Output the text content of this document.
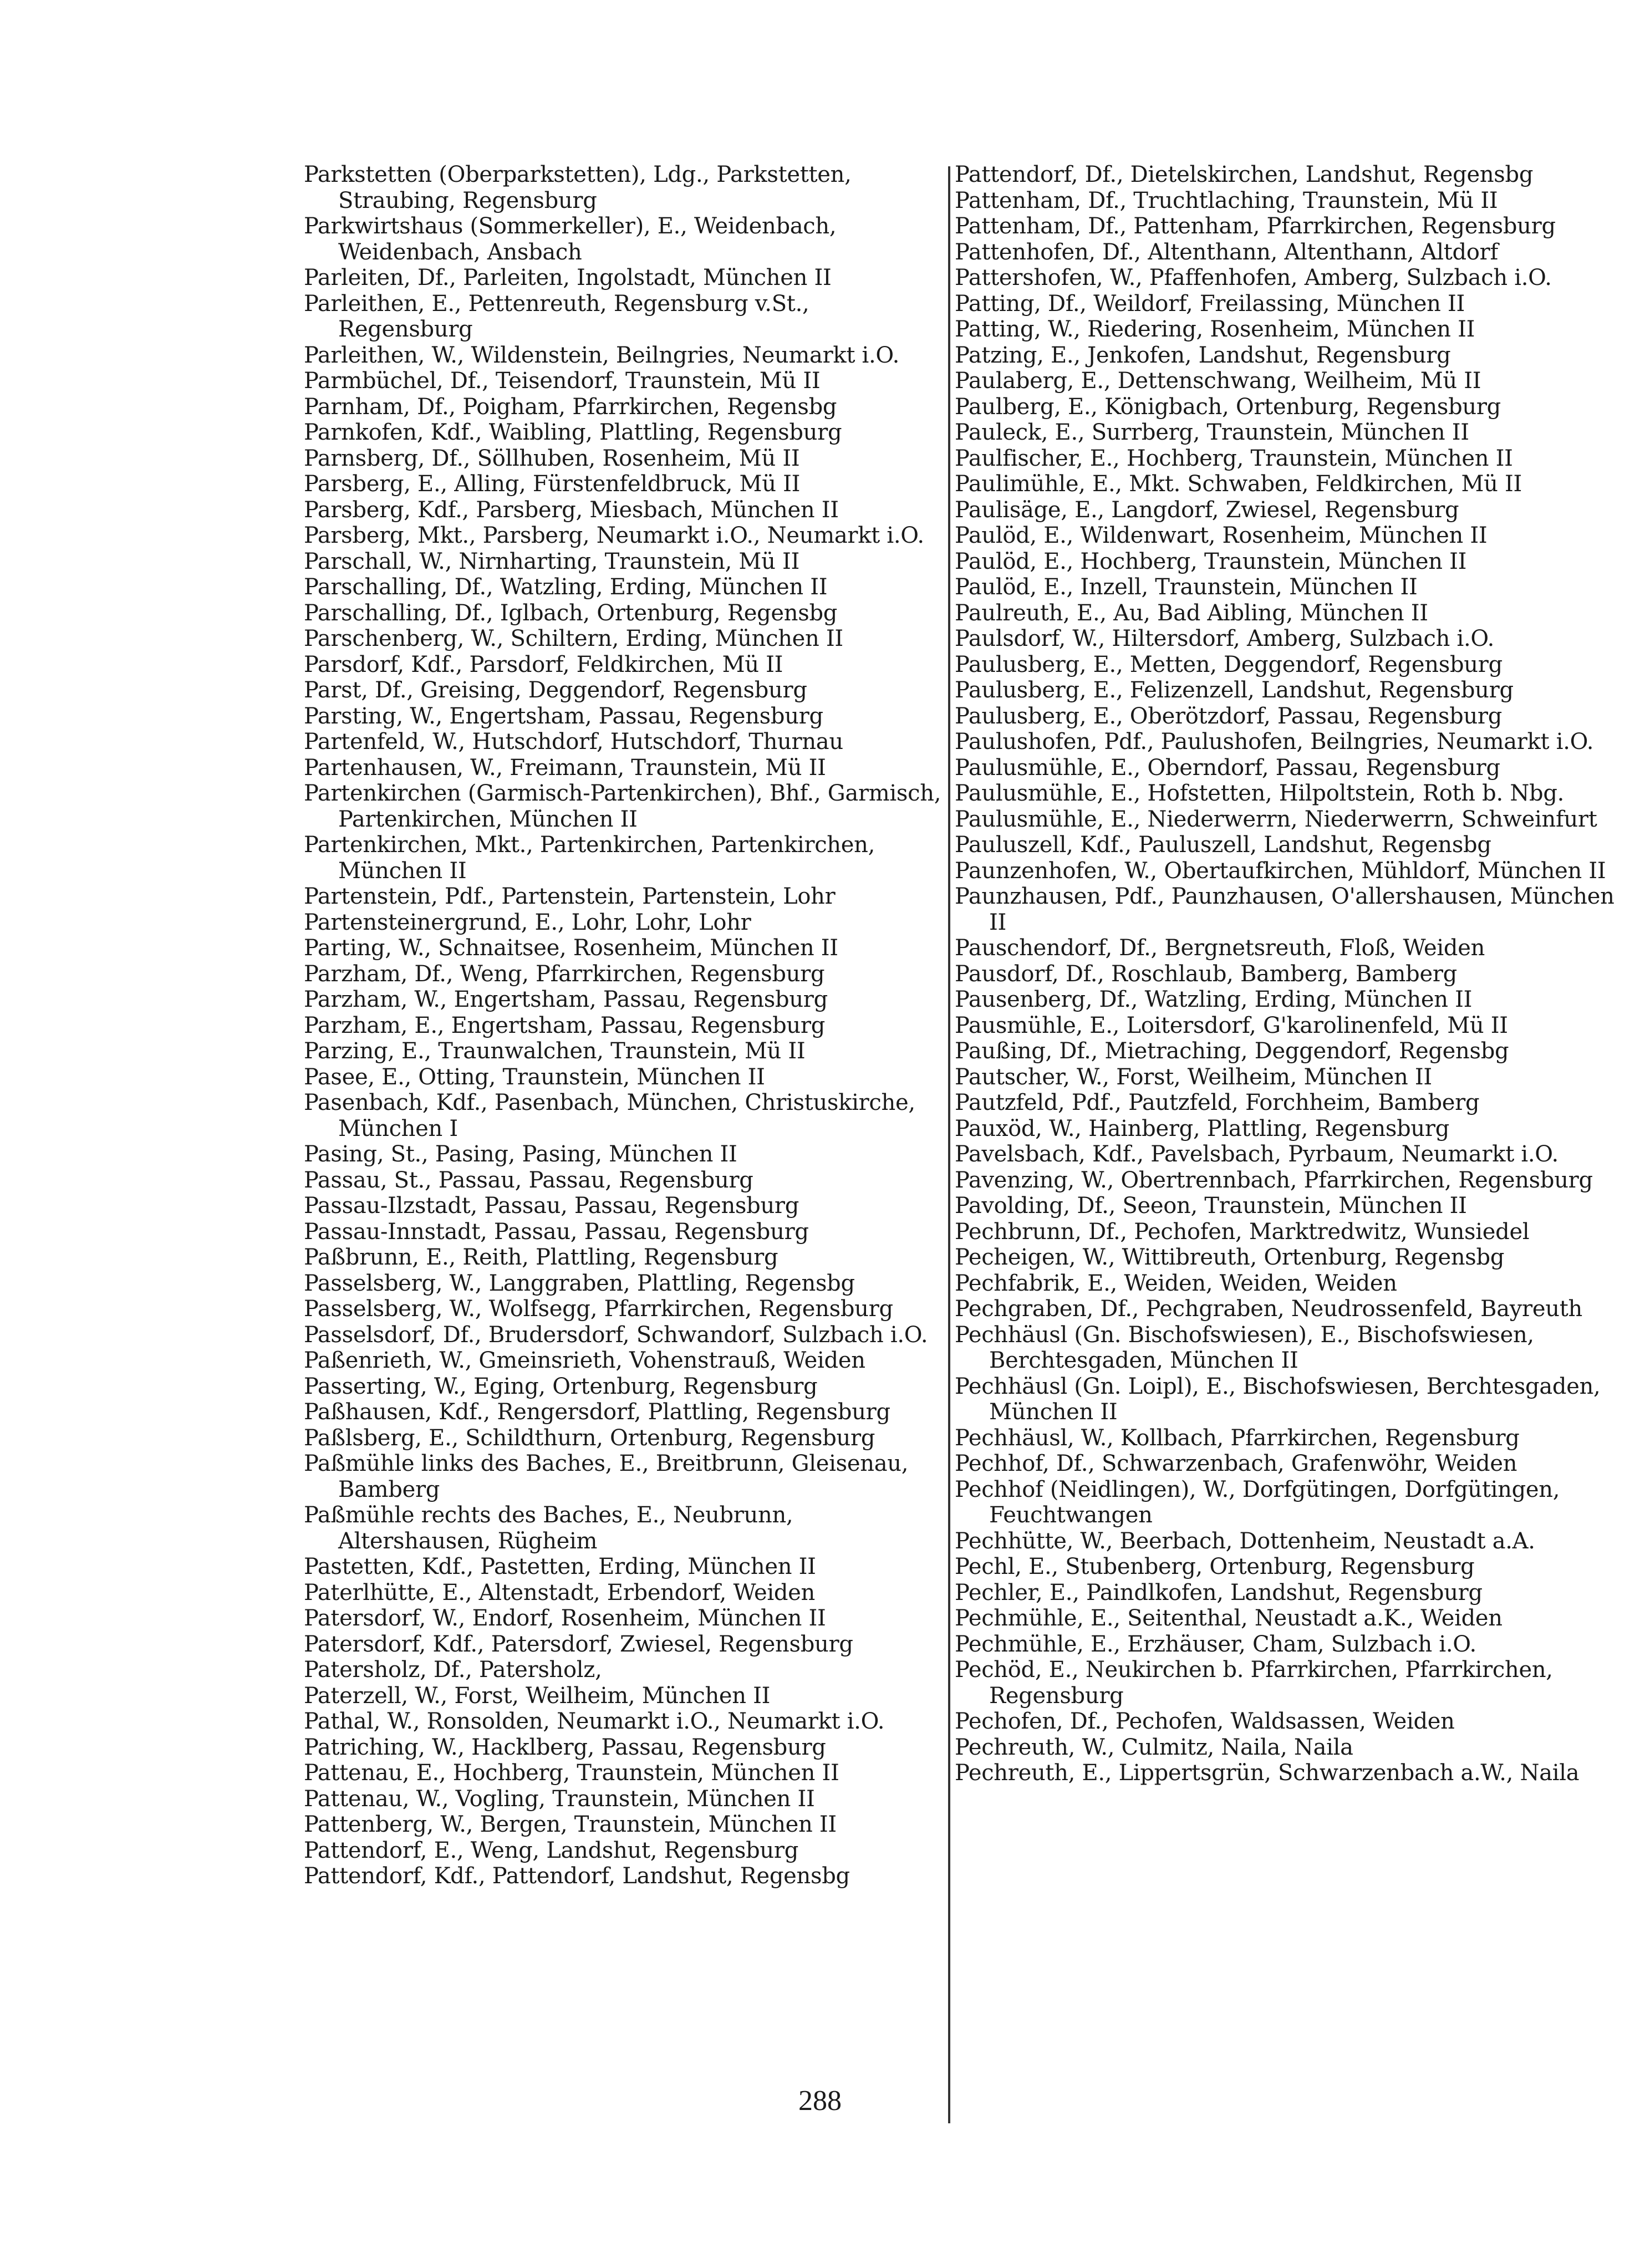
Parkstetten (Oberparkstetten), Ldg., Parkstetten, Straubing, Regensburg
Parkwirtshaus (Sommerkeller), E., Weidenbach, Weidenbach, Ansbach
Parleiten, Df., Parleiten, Ingolstadt, München II
Parleithen, E., Pettenreuth, Regensburg v.St., Regensburg
Parleithen, W., Wildenstein, Beilngries, Neumarkt i.O.
Parmbüchel, Df., Teisendorf, Traunstein, Mü II
Parnham, Df., Poigham, Pfarrkirchen, Regensbg
Parnkofen, Kdf., Waibling, Plattling, Regensburg
Parnsberg, Df., Söllhuben, Rosenheim, Mü II
Parsberg, E., Alling, Fürstenfeldbruck, Mü II
Parsberg, Kdf., Parsberg, Miesbach, München II
Parsberg, Mkt., Parsberg, Neumarkt i.O., Neumarkt i.O.
Parschall, W., Nirnharting, Traunstein, Mü II
Parschalling, Df., Watzling, Erding, München II
Parschalling, Df., Iglbach, Ortenburg, Regensbg
Parschenberg, W., Schiltern, Erding, München II
Parsdorf, Kdf., Parsdorf, Feldkirchen, Mü II
Parst, Df., Greising, Deggendorf, Regensburg
Parsting, W., Engertsham, Passau, Regensburg
Partenfeld, W., Hutschdorf, Hutschdorf, Thurnau
Partenhausen, W., Freimann, Traunstein, Mü II
Partenkirchen (Garmisch-Partenkirchen), Bhf., Garmisch, Partenkirchen, München II
Partenkirchen, Mkt., Partenkirchen, Partenkirchen, München II
Partenstein, Pdf., Partenstein, Partenstein, Lohr
Partensteinergrund, E., Lohr, Lohr, Lohr
Parting, W., Schnaitsee, Rosenheim, München II
Parzham, Df., Weng, Pfarrkirchen, Regensburg
Parzham, W., Engertsham, Passau, Regensburg
Parzham, E., Engertsham, Passau, Regensburg
Parzing, E., Traunwalchen, Traunstein, Mü II
Pasee, E., Otting, Traunstein, München II
Pasenbach, Kdf., Pasenbach, München, Christuskirche, München I
Pasing, St., Pasing, Pasing, München II
Passau, St., Passau, Passau, Regensburg
Passau-Ilzstadt, Passau, Passau, Regensburg
Passau-Innstadt, Passau, Passau, Regensburg
Paßbrunn, E., Reith, Plattling, Regensburg
Passelsberg, W., Langgraben, Plattling, Regensbg
Passelsberg, W., Wolfsegg, Pfarrkirchen, Regensburg
Passelsdorf, Df., Brudersdorf, Schwandorf, Sulzbach i.O.
Paßenrieth, W., Gmeinsrieth, Vohenstrauß, Weiden
Passerting, W., Eging, Ortenburg, Regensburg
Paßhausen, Kdf., Rengersdorf, Plattling, Regensburg
Paßlsberg, E., Schildthurn, Ortenburg, Regensburg
Paßmühle links des Baches, E., Breitbrunn, Gleisenau, Bamberg
Paßmühle rechts des Baches, E., Neubrunn, Altershausen, Rügheim
Pastetten, Kdf., Pastetten, Erding, München II
Paterlhütte, E., Altenstadt, Erbendorf, Weiden
Patersdorf, W., Endorf, Rosenheim, München II
Patersdorf, Kdf., Patersdorf, Zwiesel, Regensburg
Patersholz, Df., Patersholz,
Paterzell, W., Forst, Weilheim, München II
Pathal, W., Ronsolden, Neumarkt i.O., Neumarkt i.O.
Patriching, W., Hacklberg, Passau, Regensburg
Pattenau, E., Hochberg, Traunstein, München II
Pattenau, W., Vogling, Traunstein, München II
Pattenberg, W., Bergen, Traunstein, München II
Pattendorf, E., Weng, Landshut, Regensburg
Pattendorf, Kdf., Pattendorf, Landshut, Regensbg
Pattendorf, Df., Dietelskirchen, Landshut, Regensbg
Pattenham, Df., Truchtlaching, Traunstein, Mü II
Pattenham, Df., Pattenham, Pfarrkirchen, Regensburg
Pattenhofen, Df., Altenthann, Altenthann, Altdorf
Pattershofen, W., Pfaffenhofen, Amberg, Sulzbach i.O.
Patting, Df., Weildorf, Freilassing, München II
Patting, W., Riedering, Rosenheim, München II
Patzing, E., Jenkofen, Landshut, Regensburg
Paulaberg, E., Dettenschwang, Weilheim, Mü II
Paulberg, E., Königbach, Ortenburg, Regensburg
Pauleck, E., Surrberg, Traunstein, München II
Paulfischer, E., Hochberg, Traunstein, München II
Paulimühle, E., Mkt. Schwaben, Feldkirchen, Mü II
Paulisäge, E., Langdorf, Zwiesel, Regensburg
Paulöd, E., Wildenwart, Rosenheim, München II
Paulöd, E., Hochberg, Traunstein, München II
Paulöd, E., Inzell, Traunstein, München II
Paulreuth, E., Au, Bad Aibling, München II
Paulsdorf, W., Hiltersdorf, Amberg, Sulzbach i.O.
Paulusberg, E., Metten, Deggendorf, Regensburg
Paulusberg, E., Felizenzell, Landshut, Regensburg
Paulusberg, E., Oberötzdorf, Passau, Regensburg
Paulushofen, Pdf., Paulushofen, Beilngries, Neumarkt i.O.
Paulusmühle, E., Oberndorf, Passau, Regensburg
Paulusmühle, E., Hofstetten, Hilpoltstein, Roth b. Nbg.
Paulusmühle, E., Niederwerrn, Niederwerrn, Schweinfurt
Pauluszell, Kdf., Pauluszell, Landshut, Regensbg
Paunzenhofen, W., Obertaufkirchen, Mühldorf, München II
Paunzhausen, Pdf., Paunzhausen, O'allershausen, München II
Pauschendorf, Df., Bergnetsreuth, Floß, Weiden
Pausdorf, Df., Roschlaub, Bamberg, Bamberg
Pausenberg, Df., Watzling, Erding, München II
Pausmühle, E., Loitersdorf, G'karolinenfeld, Mü II
Paußing, Df., Mietraching, Deggendorf, Regensbg
Pautscher, W., Forst, Weilheim, München II
Pautzfeld, Pdf., Pautzfeld, Forchheim, Bamberg
Pauxöd, W., Hainberg, Plattling, Regensburg
Pavelsbach, Kdf., Pavelsbach, Pyrbaum, Neumarkt i.O.
Pavenzing, W., Obertrennbach, Pfarrkirchen, Regensburg
Pavolding, Df., Seeon, Traunstein, München II
Pechbrunn, Df., Pechofen, Marktredwitz, Wunsiedel
Pecheigen, W., Wittibreuth, Ortenburg, Regensbg
Pechfabrik, E., Weiden, Weiden, Weiden
Pechgraben, Df., Pechgraben, Neudrossenfeld, Bayreuth
Pechhäusl (Gn. Bischofswiesen), E., Bischofswiesen, Berchtesgaden, München II
Pechhäusl (Gn. Loipl), E., Bischofswiesen, Berchtesgaden, München II
Pechhäusl, W., Kollbach, Pfarrkirchen, Regensburg
Pechhof, Df., Schwarzenbach, Grafenwöhr, Weiden
Pechhof (Neidlingen), W., Dorfgütingen, Dorfgütingen, Feuchtwangen
Pechhütte, W., Beerbach, Dottenheim, Neustadt a.A.
Pechl, E., Stubenberg, Ortenburg, Regensburg
Pechler, E., Paindlkofen, Landshut, Regensburg
Pechmühle, E., Seitenthal, Neustadt a.K., Weiden
Pechmühle, E., Erzhäuser, Cham, Sulzbach i.O.
Pechöd, E., Neukirchen b. Pfarrkirchen, Pfarrkirchen, Regensburg
Pechofen, Df., Pechofen, Waldsassen, Weiden
Pechreuth, W., Culmitz, Naila, Naila
Pechreuth, E., Lippertsgrün, Schwarzenbach a.W., Naila
288
